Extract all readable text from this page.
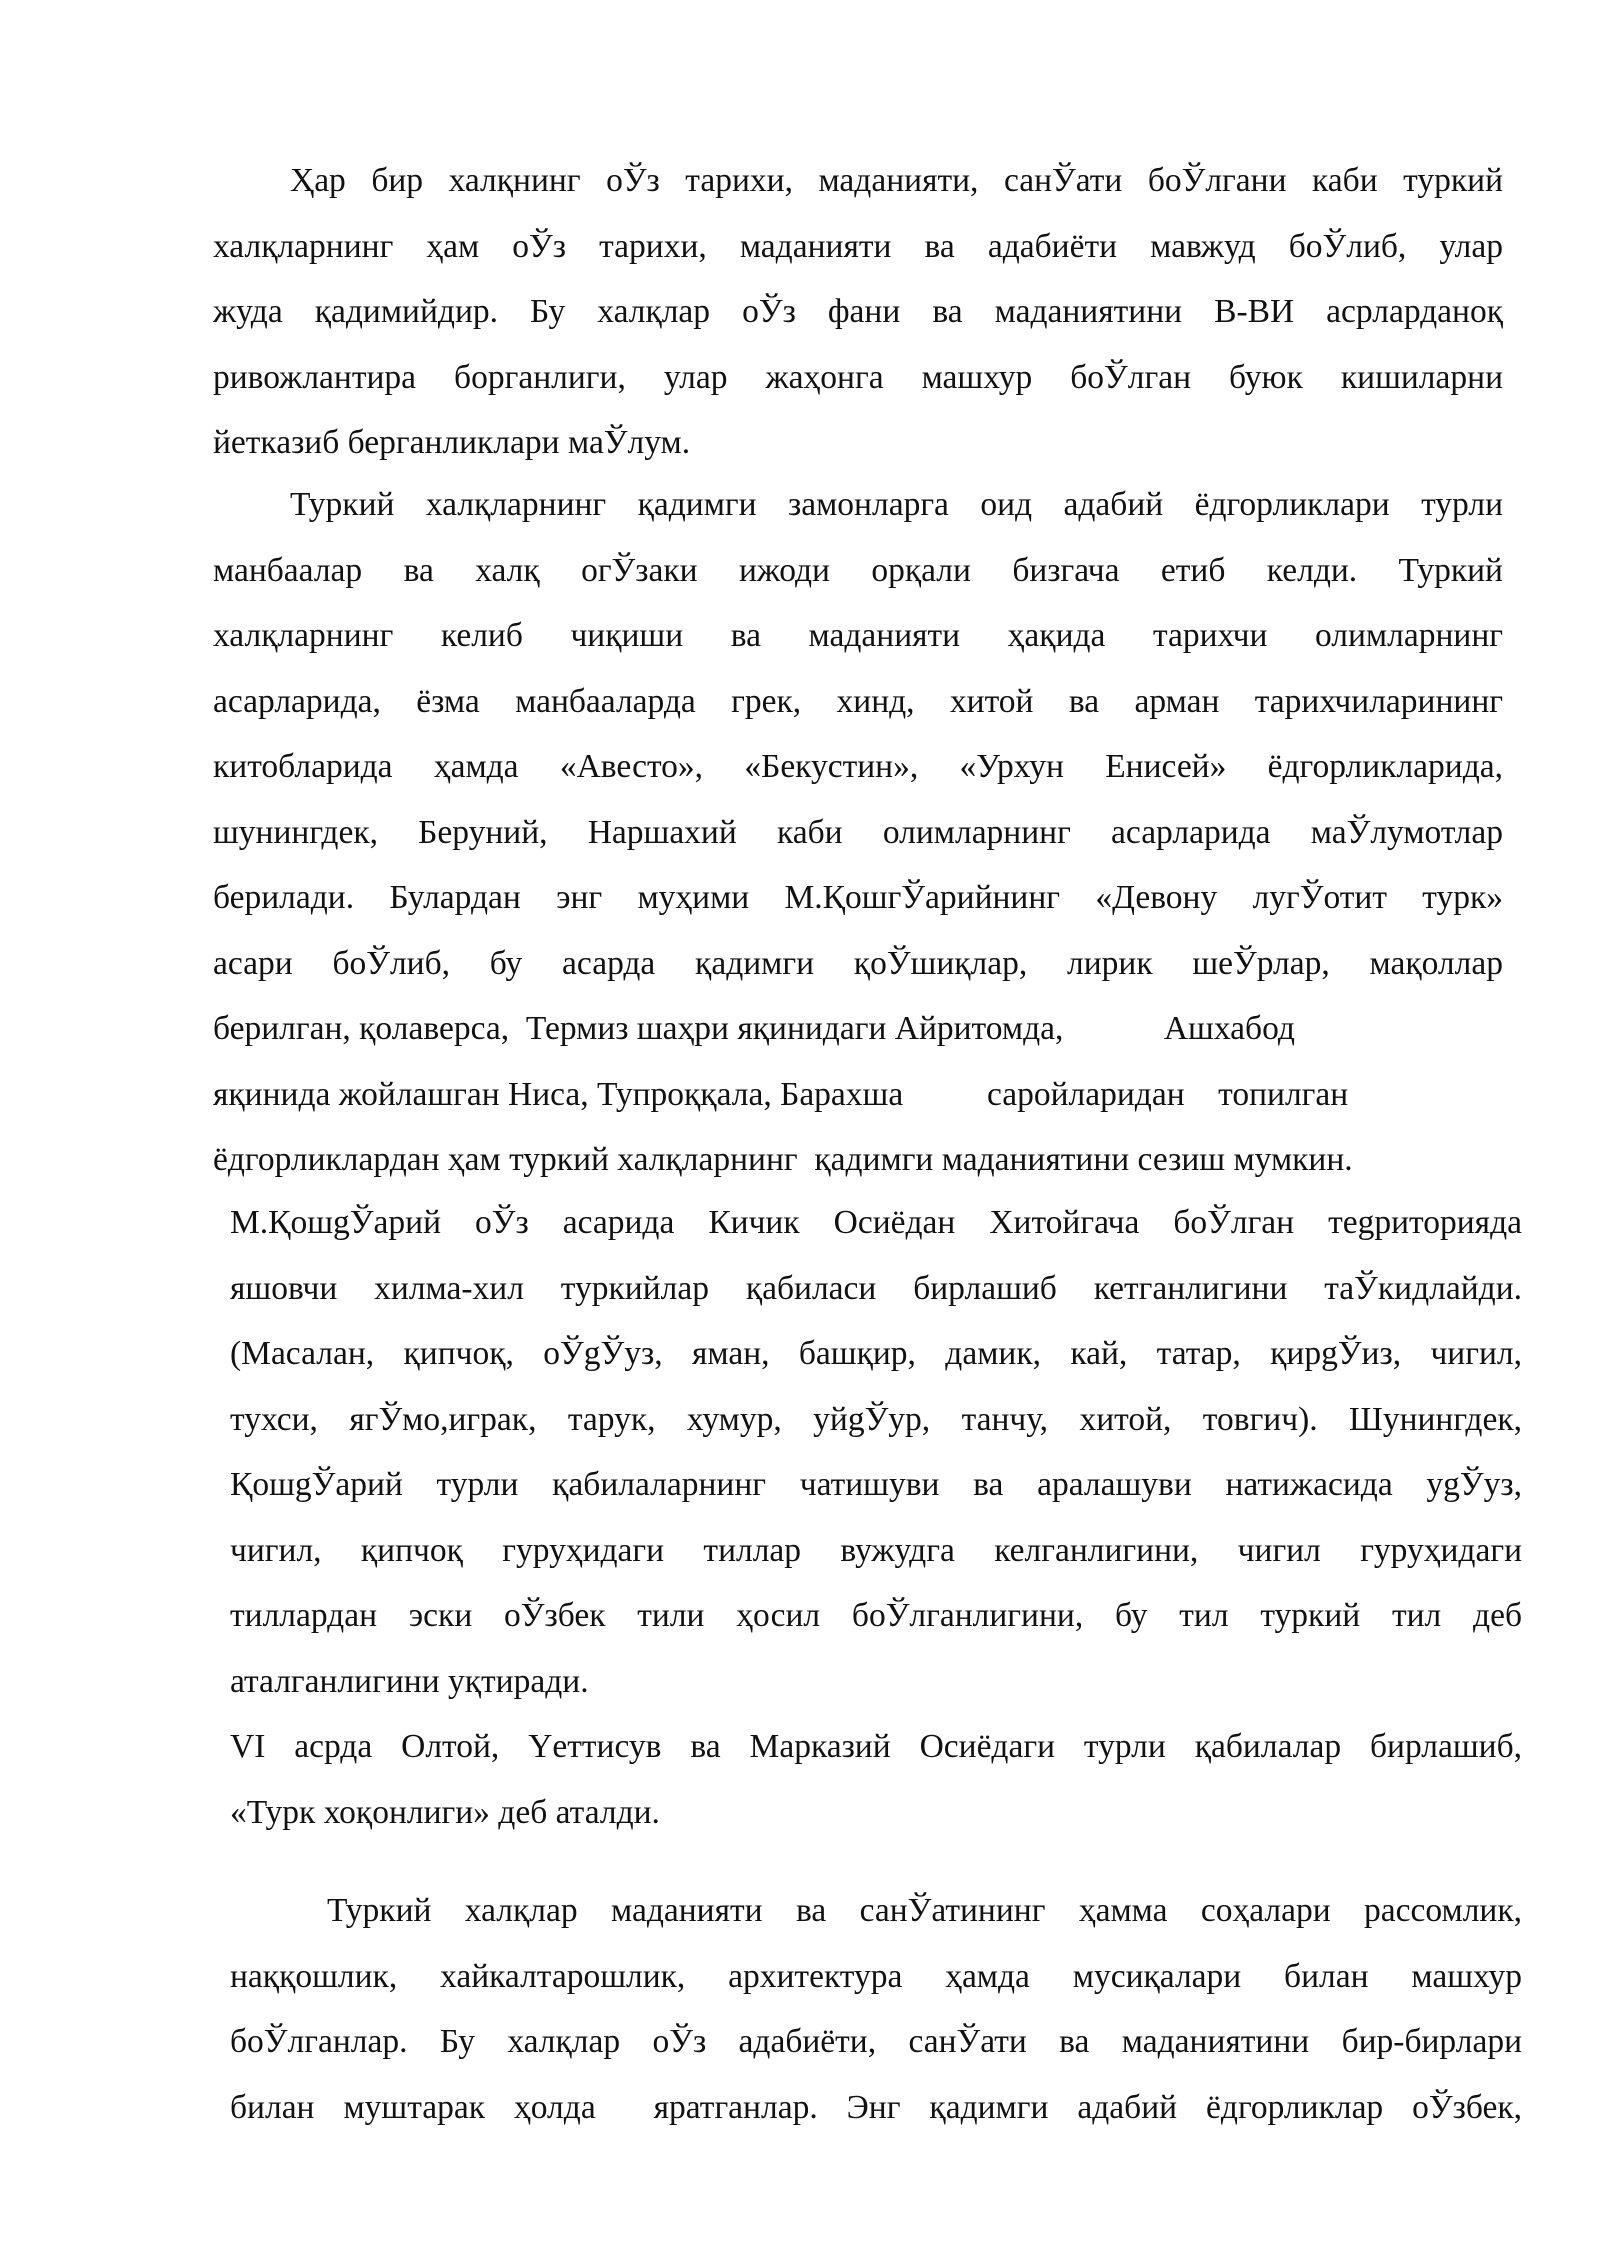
Ҳар бир халқнинг оЎз тарихи, маданияти, санЎати боЎлгани каби туркий
халқларнинг ҳам оЎз тарихи, маданияти ва адабиёти мавжуд боЎлиб, улар
жуда қадимийдир. Бу халқлар оЎз фани ва маданиятини В-ВИ асрларданоқ
ривожлантира борганлиги, улар жаҳонга машхур боЎлган буюк кишиларни
йетказиб берганликлари маЎлум.
Туркий халқларнинг қадимги замонларга оид адабий ёдгорликлари турли
манбаалар ва халқ огЎзаки ижоди орқали бизгача етиб келди. Туркий
халқларнинг келиб чиқиши ва маданияти ҳақида тарихчи олимларнинг
асарларида, ёзма манбааларда грек, хинд, хитой ва арман тарихчиларининг
китобларида ҳамда «Авесто», «Бекустин», «Урхун Енисей» ёдгорликларида,
шунингдек, Беруний, Наршахий каби олимларнинг асарларида маЎлумотлар
берилади. Булардан энг муҳими М.ҚошгЎарийнинг «Девону лугЎотит турк»
асари боЎлиб, бу асарда қадимги қоЎшиқлар, лирик шеЎрлар, мақоллар
берилган, қолаверса,  Термиз шаҳри яқинидаги Айритомда,            Ашхабод
яқинида жойлашган Ниса, Тупроққала, Барахша          саройларидан    топилган
ёдгорликлардан ҳам туркий халқларнинг  қадимги маданиятини сезиш мумкин.
М.ҚошgЎарий оЎз асарида Кичик Осиёдан Хитойгача боЎлган теgриторияда
яшовчи хилма-хил туркийлар қабиласи бирлашиб кетганлигини таЎкидлайди.
(Масалан, қипчоқ, оЎgЎуз, яман, башқир, дамик, кай, татар, қирgЎиз, чигил,
тухси, ягЎмо,играк, тарук, хумур, уйgЎур, танчу, хитой, товгич). Шунингдек,
ҚошgЎарий турли қабилаларнинг чатишуви ва аралашуви натижасида уgЎуз,
чигил, қипчоқ гуруҳидаги тиллар вужудга келганлигини, чигил гуруҳидаги
тиллардан эски оЎзбек тили ҳосил боЎлганлигини, бу тил туркий тил деб
аталганлигини уқтиради.
VI асрда Олтой, Yеттисув ва Марказий Осиёдаги турли қабилалар бирлашиб,
«Турк хоқонлиги» деб аталди.
Туркий халқлар маданияти ва санЎатининг ҳамма соҳалари рассомлик,
наққошлик, хайкалтарошлик, архитектура ҳамда мусиқалари билан машхур
боЎлганлар. Бу халқлар оЎз адабиёти, санЎати ва маданиятини бир-бирлари
билан муштарак ҳолда  яратганлар. Энг қадимги адабий ёдгорликлар оЎзбек,
